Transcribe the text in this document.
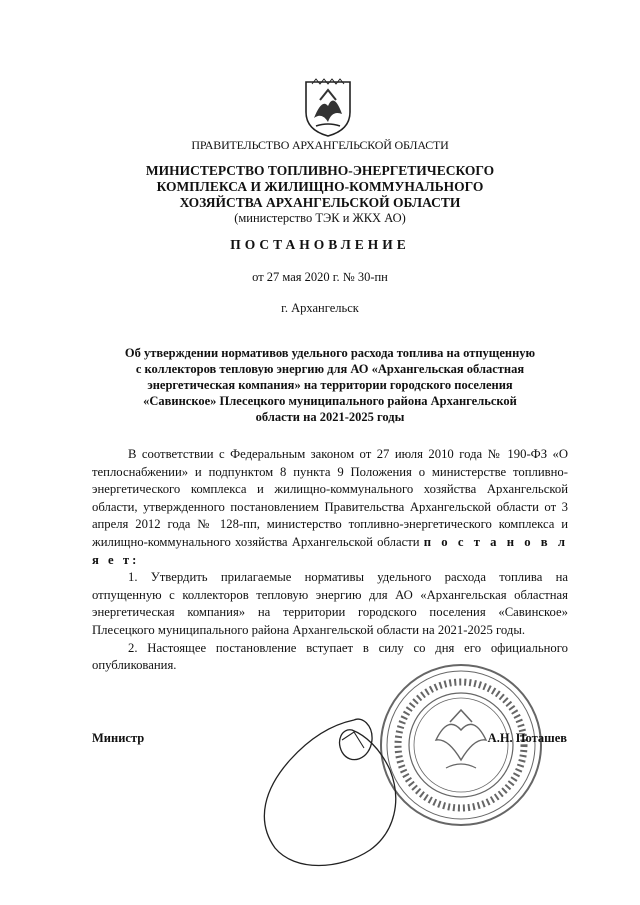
ПРАВИТЕЛЬСТВО АРХАНГЕЛЬСКОЙ ОБЛАСТИ
МИНИСТЕРСТВО ТОПЛИВНО-ЭНЕРГЕТИЧЕСКОГО
КОМПЛЕКСА И ЖИЛИЩНО-КОММУНАЛЬНОГО
ХОЗЯЙСТВА АРХАНГЕЛЬСКОЙ ОБЛАСТИ
(министерство ТЭК и ЖКХ АО)
ПОСТАНОВЛЕНИЕ
от 27 мая 2020 г. № 30-пн
г. Архангельск
Об утверждении нормативов удельного расхода топлива на отпущенную
с коллекторов тепловую энергию для АО «Архангельская областная
энергетическая компания» на территории городского поселения
«Савинское» Плесецкого муниципального района Архангельской
области на 2021-2025 годы

В соответствии с Федеральным законом от 27 июля 2010 года № 190-ФЗ «О теплоснабжении» и подпунктом 8 пункта 9 Положения о министерстве топливно-энергетического комплекса и жилищно-коммунального хозяйства Архангельской области, утвержденного постановлением Правительства Архангельской области от 3 апреля 2012 года № 128-пп, министерство топливно-энергетического комплекса и жилищно-коммунального хозяйства Архангельской области п о с т а н о в л я е т:

1. Утвердить прилагаемые нормативы удельного расхода топлива на отпущенную с коллекторов тепловую энергию для АО «Архангельская областная энергетическая компания» на территории городского поселения «Савинское» Плесецкого муниципального района Архангельской области на 2021-2025 годы.

2. Настоящее постановление вступает в силу со дня его официального опубликования.

Министр	А.Н. Поташев
